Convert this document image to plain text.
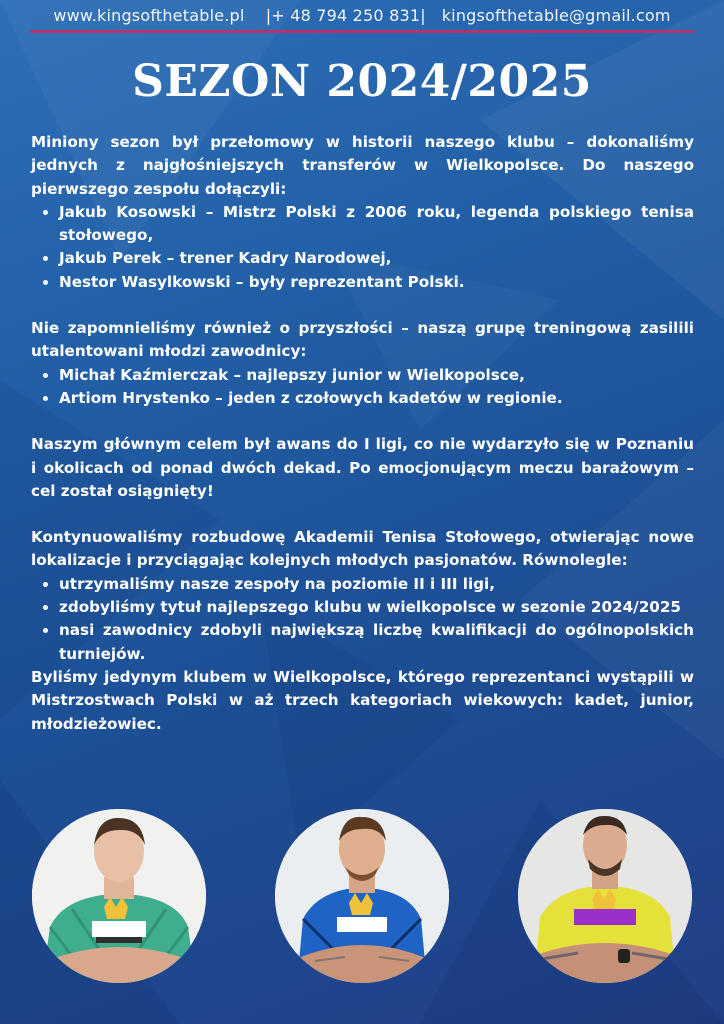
www.kingsofthetable.pl |+ 48 794 250 831| kingsofthetable@gmail.com
SEZON 2024/2025

Miniony sezon był przełomowy w historii naszego klubu – dokonaliśmy jednych z najgłośniejszych transferów w Wielkopolsce. Do naszego pierwszego zespołu dołączyli:

• Jakub Kosowski – Mistrz Polski z 2006 roku, legenda polskiego tenisa stołowego,
• Jakub Perek – trener Kadry Narodowej,
• Nestor Wasylkowski – były reprezentant Polski.

Nie zapomnieliśmy również o przyszłości – naszą grupę treningową zasilili utalentowani młodzi zawodnicy:

• Michał Kaźmierczak – najlepszy junior w Wielkopolsce,
• Artiom Hrystenko – jeden z czołowych kadetów w regionie.

Naszym głównym celem był awans do I ligi, co nie wydarzyło się w Poznaniu i okolicach od ponad dwóch dekad. Po emocjonującym meczu barażowym – cel został osiągnięty!

Kontynuowaliśmy rozbudowę Akademii Tenisa Stołowego, otwierając nowe lokalizacje i przyciągając kolejnych młodych pasjonatów. Równolegle:

• utrzymaliśmy nasze zespoły na poziomie II i III ligi,
• zdobyliśmy tytuł najlepszego klubu w wielkopolsce w sezonie 2024/2025
• nasi zawodnicy zdobyli największą liczbę kwalifikacji do ogólnopolskich turniejów.

Byliśmy jedynym klubem w Wielkopolsce, którego reprezentanci wystąpili w Mistrzostwach Polski w aż trzech kategoriach wiekowych: kadet, junior, młodzieżowiec.
